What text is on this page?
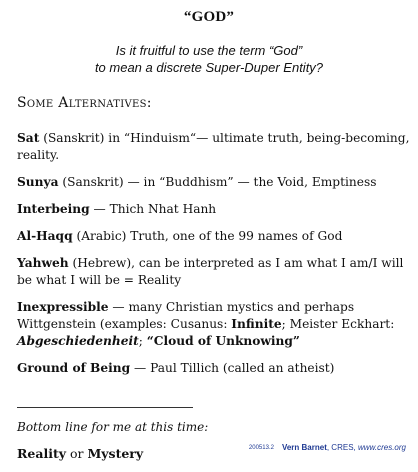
“GOD”
Is it fruitful to use the term “God”
to mean a discrete Super-Duper Entity?
Some Alternatives:

Sat (Sanskrit) in “Hinduism“— ultimate truth, being-becoming, reality.

Sunya (Sanskrit) — in “Buddhism” — the Void, Emptiness

Interbeing — Thich Nhat Hanh

Al-Haqq (Arabic) Truth, one of the 99 names of God

Yahweh (Hebrew), can be interpreted as I am what I am/I will be what I will be = Reality

Inexpressible — many Christian mystics and perhaps Wittgenstein (examples: Cusanus: Infinite; Meister Eckhart: Abgeschiedenheit; “Cloud of Unknowing”

Ground of Being — Paul Tillich (called an atheist)

Bottom line for me at this time:
Reality or Mystery	200513.2 Vern Barnet, CRES, www.cres.org
